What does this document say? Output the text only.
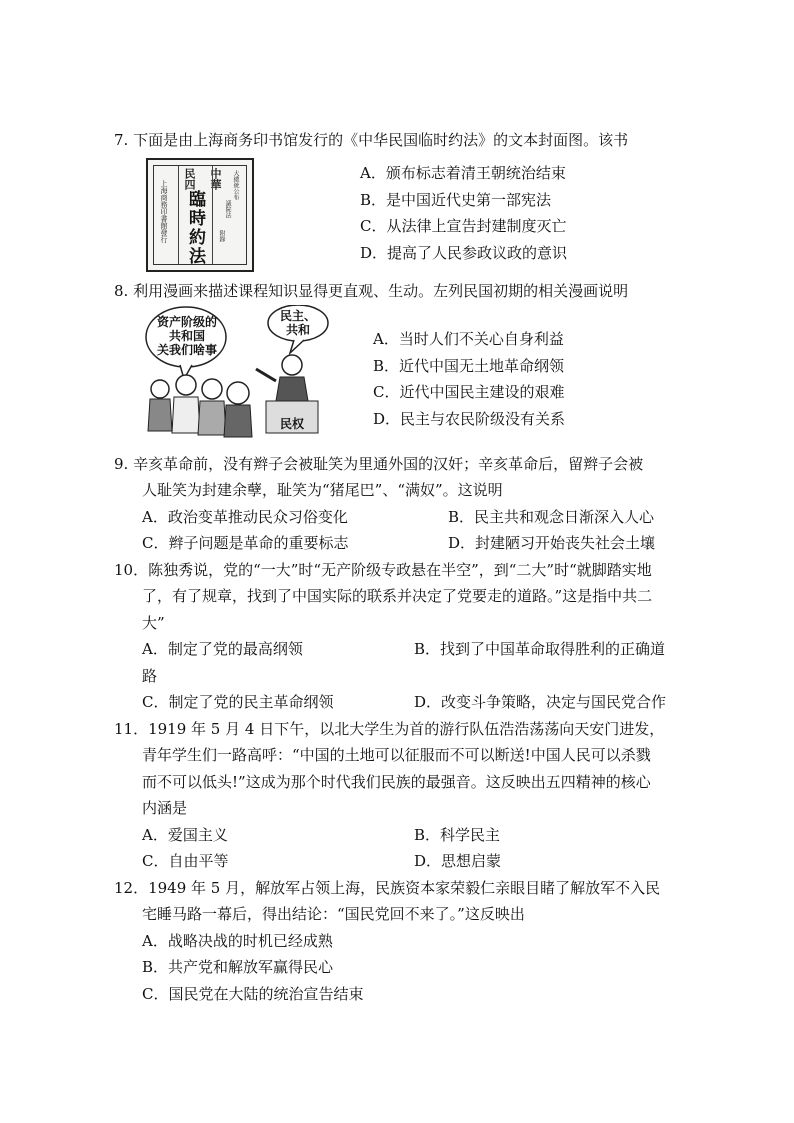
7. 下面是由上海商务印书馆发行的《中华民国临时约法》的文本封面图。该书
中華
民四
臨時約法
上海商務印書館發行	大總統公布
議院法
附錄
A．颁布标志着清王朝统治结束
B．是中国近代史第一部宪法
C．从法律上宣告封建制度灭亡
D．提高了人民参政议政的意识
8. 利用漫画来描述课程知识显得更直观、生动。左列民国初期的相关漫画说明
资产阶级的
共和国
关我们啥事
民主、
共和
民权
A．当时人们不关心自身利益
B．近代中国无土地革命纲领
C．近代中国民主建设的艰难
D．民主与农民阶级没有关系
9. 辛亥革命前，没有辫子会被耻笑为里通外国的汉奸；辛亥革命后，留辫子会被
人耻笑为封建余孽，耻笑为“猪尾巴”、“满奴”。这说明
A．政治变革推动民众习俗变化	B．民主共和观念日渐深入人心
C．辫子问题是革命的重要标志	D．封建陋习开始丧失社会土壤
10．陈独秀说，党的“一大”时“无产阶级专政悬在半空”，到“二大”时“就脚踏实地
了，有了规章，找到了中国实际的联系并决定了党要走的道路。”这是指中共二
大”
A．制定了党的最高纲领	B．找到了中国革命取得胜利的正确道
路
C．制定了党的民主革命纲领	D．改变斗争策略，决定与国民党合作
11．1919 年 5 月 4 日下午，以北大学生为首的游行队伍浩浩荡荡向天安门进发，
青年学生们一路高呼：“中国的土地可以征服而不可以断送!中国人民可以杀戮
而不可以低头!”这成为那个时代我们民族的最强音。这反映出五四精神的核心
内涵是
A．爱国主义	B．科学民主
C．自由平等	D．思想启蒙
12．1949 年 5 月，解放军占领上海，民族资本家荣毅仁亲眼目睹了解放军不入民
宅睡马路一幕后，得出结论：“国民党回不来了。”这反映出
A．战略决战的时机已经成熟
B．共产党和解放军赢得民心
C．国民党在大陆的统治宣告结束
